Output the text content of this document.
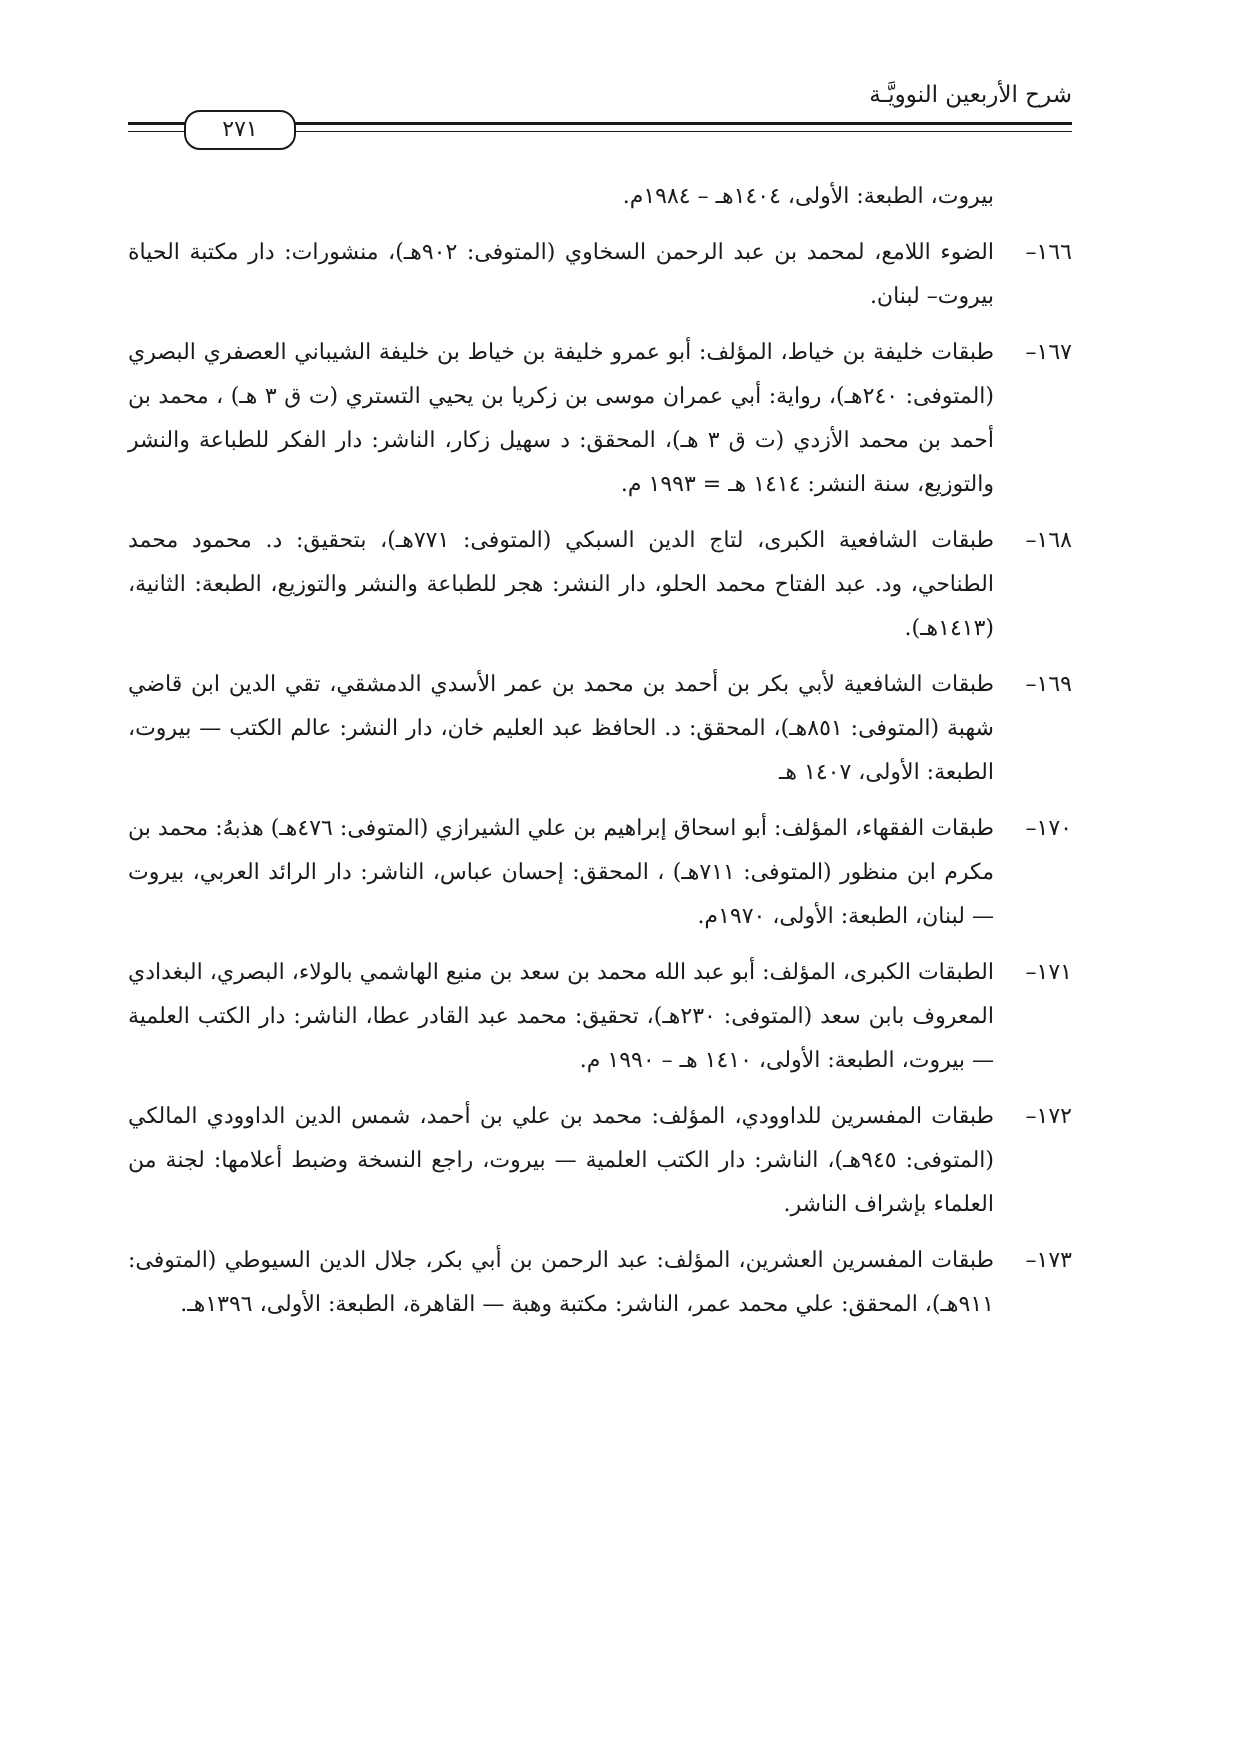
شرح الأربعين النوويَّـة
٢٧١
بيروت، الطبعة: الأولى، ١٤٠٤هـ – ١٩٨٤م.
١٦٦–
الضوء اللامع، لمحمد بن عبد الرحمن السخاوي (المتوفى: ٩٠٢هـ)، منشورات: دار مكتبة الحياة بيروت– لبنان.
١٦٧–
طبقات خليفة بن خياط، المؤلف: أبو عمرو خليفة بن خياط بن خليفة الشيباني العصفري البصري (المتوفى: ٢٤٠هـ)، رواية: أبي عمران موسى بن زكريا بن يحيي التستري (ت ق ٣ هـ) ، محمد بن أحمد بن محمد الأزدي (ت ق ٣ هـ)، المحقق: د سهيل زكار، الناشر: دار الفكر للطباعة والنشر والتوزيع، سنة النشر: ١٤١٤ هـ = ١٩٩٣ م.
١٦٨–
طبقات الشافعية الكبرى، لتاج الدين السبكي (المتوفى: ٧٧١هـ)، بتحقيق: د. محمود محمد الطناحي، ود. عبد الفتاح محمد الحلو، دار النشر: هجر للطباعة والنشر والتوزيع، الطبعة: الثانية، (١٤١٣هـ).
١٦٩–
طبقات الشافعية لأبي بكر بن أحمد بن محمد بن عمر الأسدي الدمشقي، تقي الدين ابن قاضي شهبة (المتوفى: ٨٥١هـ)، المحقق: د. الحافظ عبد العليم خان، دار النشر: عالم الكتب — بيروت، الطبعة: الأولى، ١٤٠٧ هـ
١٧٠–
طبقات الفقهاء، المؤلف: أبو اسحاق إبراهيم بن علي الشيرازي (المتوفى: ٤٧٦هـ) هذبهُ: محمد بن مكرم ابن منظور (المتوفى: ٧١١هـ) ، المحقق: إحسان عباس، الناشر: دار الرائد العربي، بيروت — لبنان، الطبعة: الأولى، ١٩٧٠م.
١٧١–
الطبقات الكبرى، المؤلف: أبو عبد الله محمد بن سعد بن منيع الهاشمي بالولاء، البصري، البغدادي المعروف بابن سعد (المتوفى: ٢٣٠هـ)، تحقيق: محمد عبد القادر عطا، الناشر: دار الكتب العلمية — بيروت، الطبعة: الأولى، ١٤١٠ هـ – ١٩٩٠ م.
١٧٢–
طبقات المفسرين للداوودي، المؤلف: محمد بن علي بن أحمد، شمس الدين الداوودي المالكي (المتوفى: ٩٤٥هـ)، الناشر: دار الكتب العلمية — بيروت، راجع النسخة وضبط أعلامها: لجنة من العلماء بإشراف الناشر.
١٧٣–
طبقات المفسرين العشرين، المؤلف: عبد الرحمن بن أبي بكر، جلال الدين السيوطي (المتوفى: ٩١١هـ)، المحقق: علي محمد عمر، الناشر: مكتبة وهبة — القاهرة، الطبعة: الأولى، ١٣٩٦هـ.
